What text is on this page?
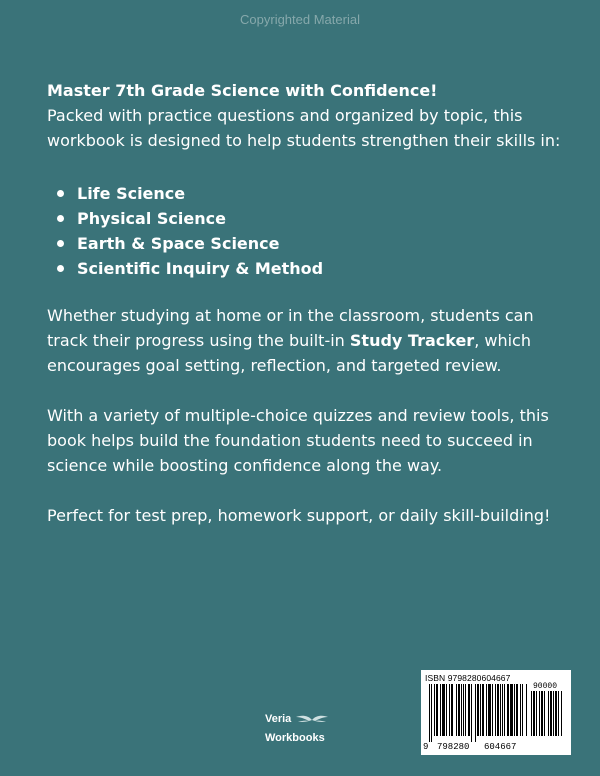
Copyrighted Material

Master 7th Grade Science with Confidence!

Packed with practice questions and organized by topic, this workbook is designed to help students strengthen their skills in:

Life Science
Physical Science
Earth & Space Science
Scientific Inquiry & Method

Whether studying at home or in the classroom, students can track their progress using the built-in Study Tracker, which encourages goal setting, reflection, and targeted review.

With a variety of multiple-choice quizzes and review tools, this book helps build the foundation students need to succeed in science while boosting confidence along the way.

Perfect for test prep, homework support, or daily skill-building!

Veria
Workbooks
ISBN 9798280604667
90000
9 798280 604667
